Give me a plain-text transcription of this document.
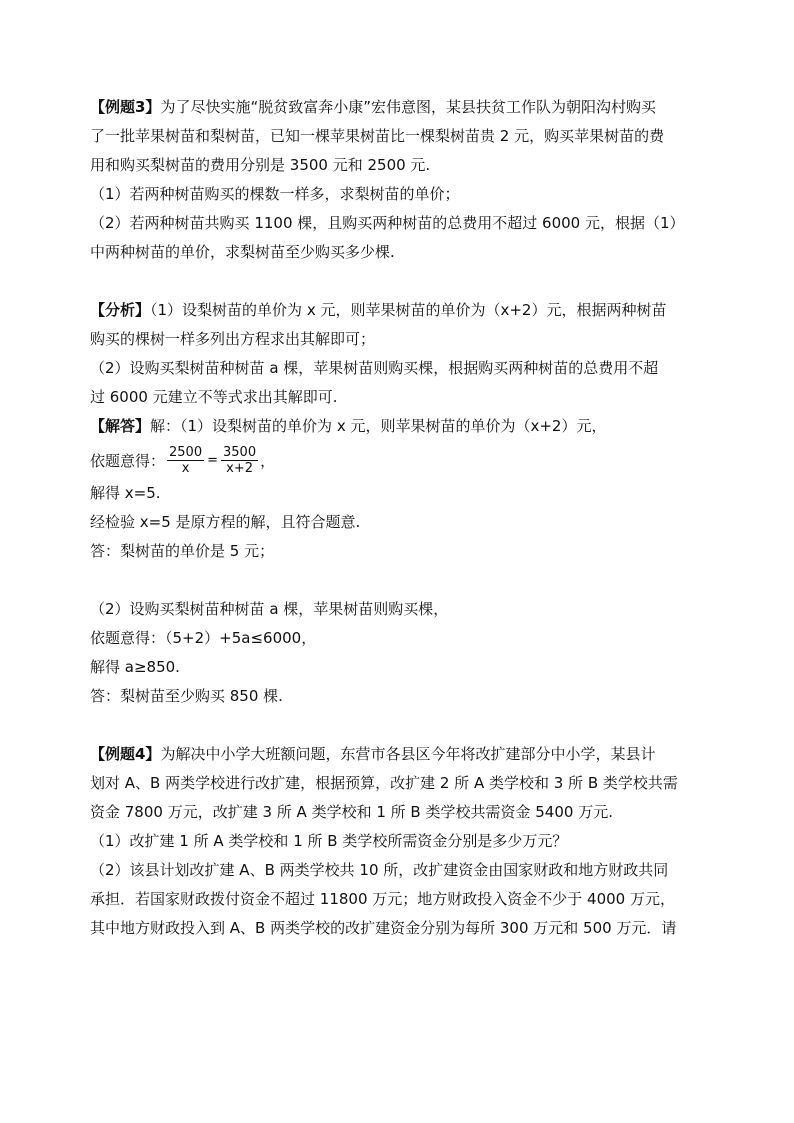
【例题3】为了尽快实施“脱贫致富奔小康”宏伟意图，某县扶贫工作队为朝阳沟村购买
了一批苹果树苗和梨树苗，已知一棵苹果树苗比一棵梨树苗贵 2 元，购买苹果树苗的费
用和购买梨树苗的费用分别是 3500 元和 2500 元.
（1）若两种树苗购买的棵数一样多，求梨树苗的单价；
（2）若两种树苗共购买 1100 棵，且购买两种树苗的总费用不超过 6000 元，根据（1）
中两种树苗的单价，求梨树苗至少购买多少棵.
【分析】（1）设梨树苗的单价为 x 元，则苹果树苗的单价为（x+2）元，根据两种树苗
购买的棵树一样多列出方程求出其解即可；
（2）设购买梨树苗种树苗 a 棵，苹果树苗则购买棵，根据购买两种树苗的总费用不超
过 6000 元建立不等式求出其解即可.
【解答】解：（1）设梨树苗的单价为 x 元，则苹果树苗的单价为（x+2）元，
依题意得： $\frac{2500}{x} = \frac{3500}{x+2}$ ，
解得 x=5.
经检验 x=5 是原方程的解，且符合题意.
答：梨树苗的单价是 5 元；
（2）设购买梨树苗种树苗 a 棵，苹果树苗则购买棵，
依题意得：（5+2）+5a≤6000，
解得 a≥850.
答：梨树苗至少购买 850 棵.
【例题4】为解决中小学大班额问题，东营市各县区今年将改扩建部分中小学，某县计
划对 A、B 两类学校进行改扩建，根据预算，改扩建 2 所 A 类学校和 3 所 B 类学校共需
资金 7800 万元，改扩建 3 所 A 类学校和 1 所 B 类学校共需资金 5400 万元.
（1）改扩建 1 所 A 类学校和 1 所 B 类学校所需资金分别是多少万元？
（2）该县计划改扩建 A、B 两类学校共 10 所，改扩建资金由国家财政和地方财政共同
承担．若国家财政拨付资金不超过 11800 万元；地方财政投入资金不少于 4000 万元，
其中地方财政投入到 A、B 两类学校的改扩建资金分别为每所 300 万元和 500 万元．请
